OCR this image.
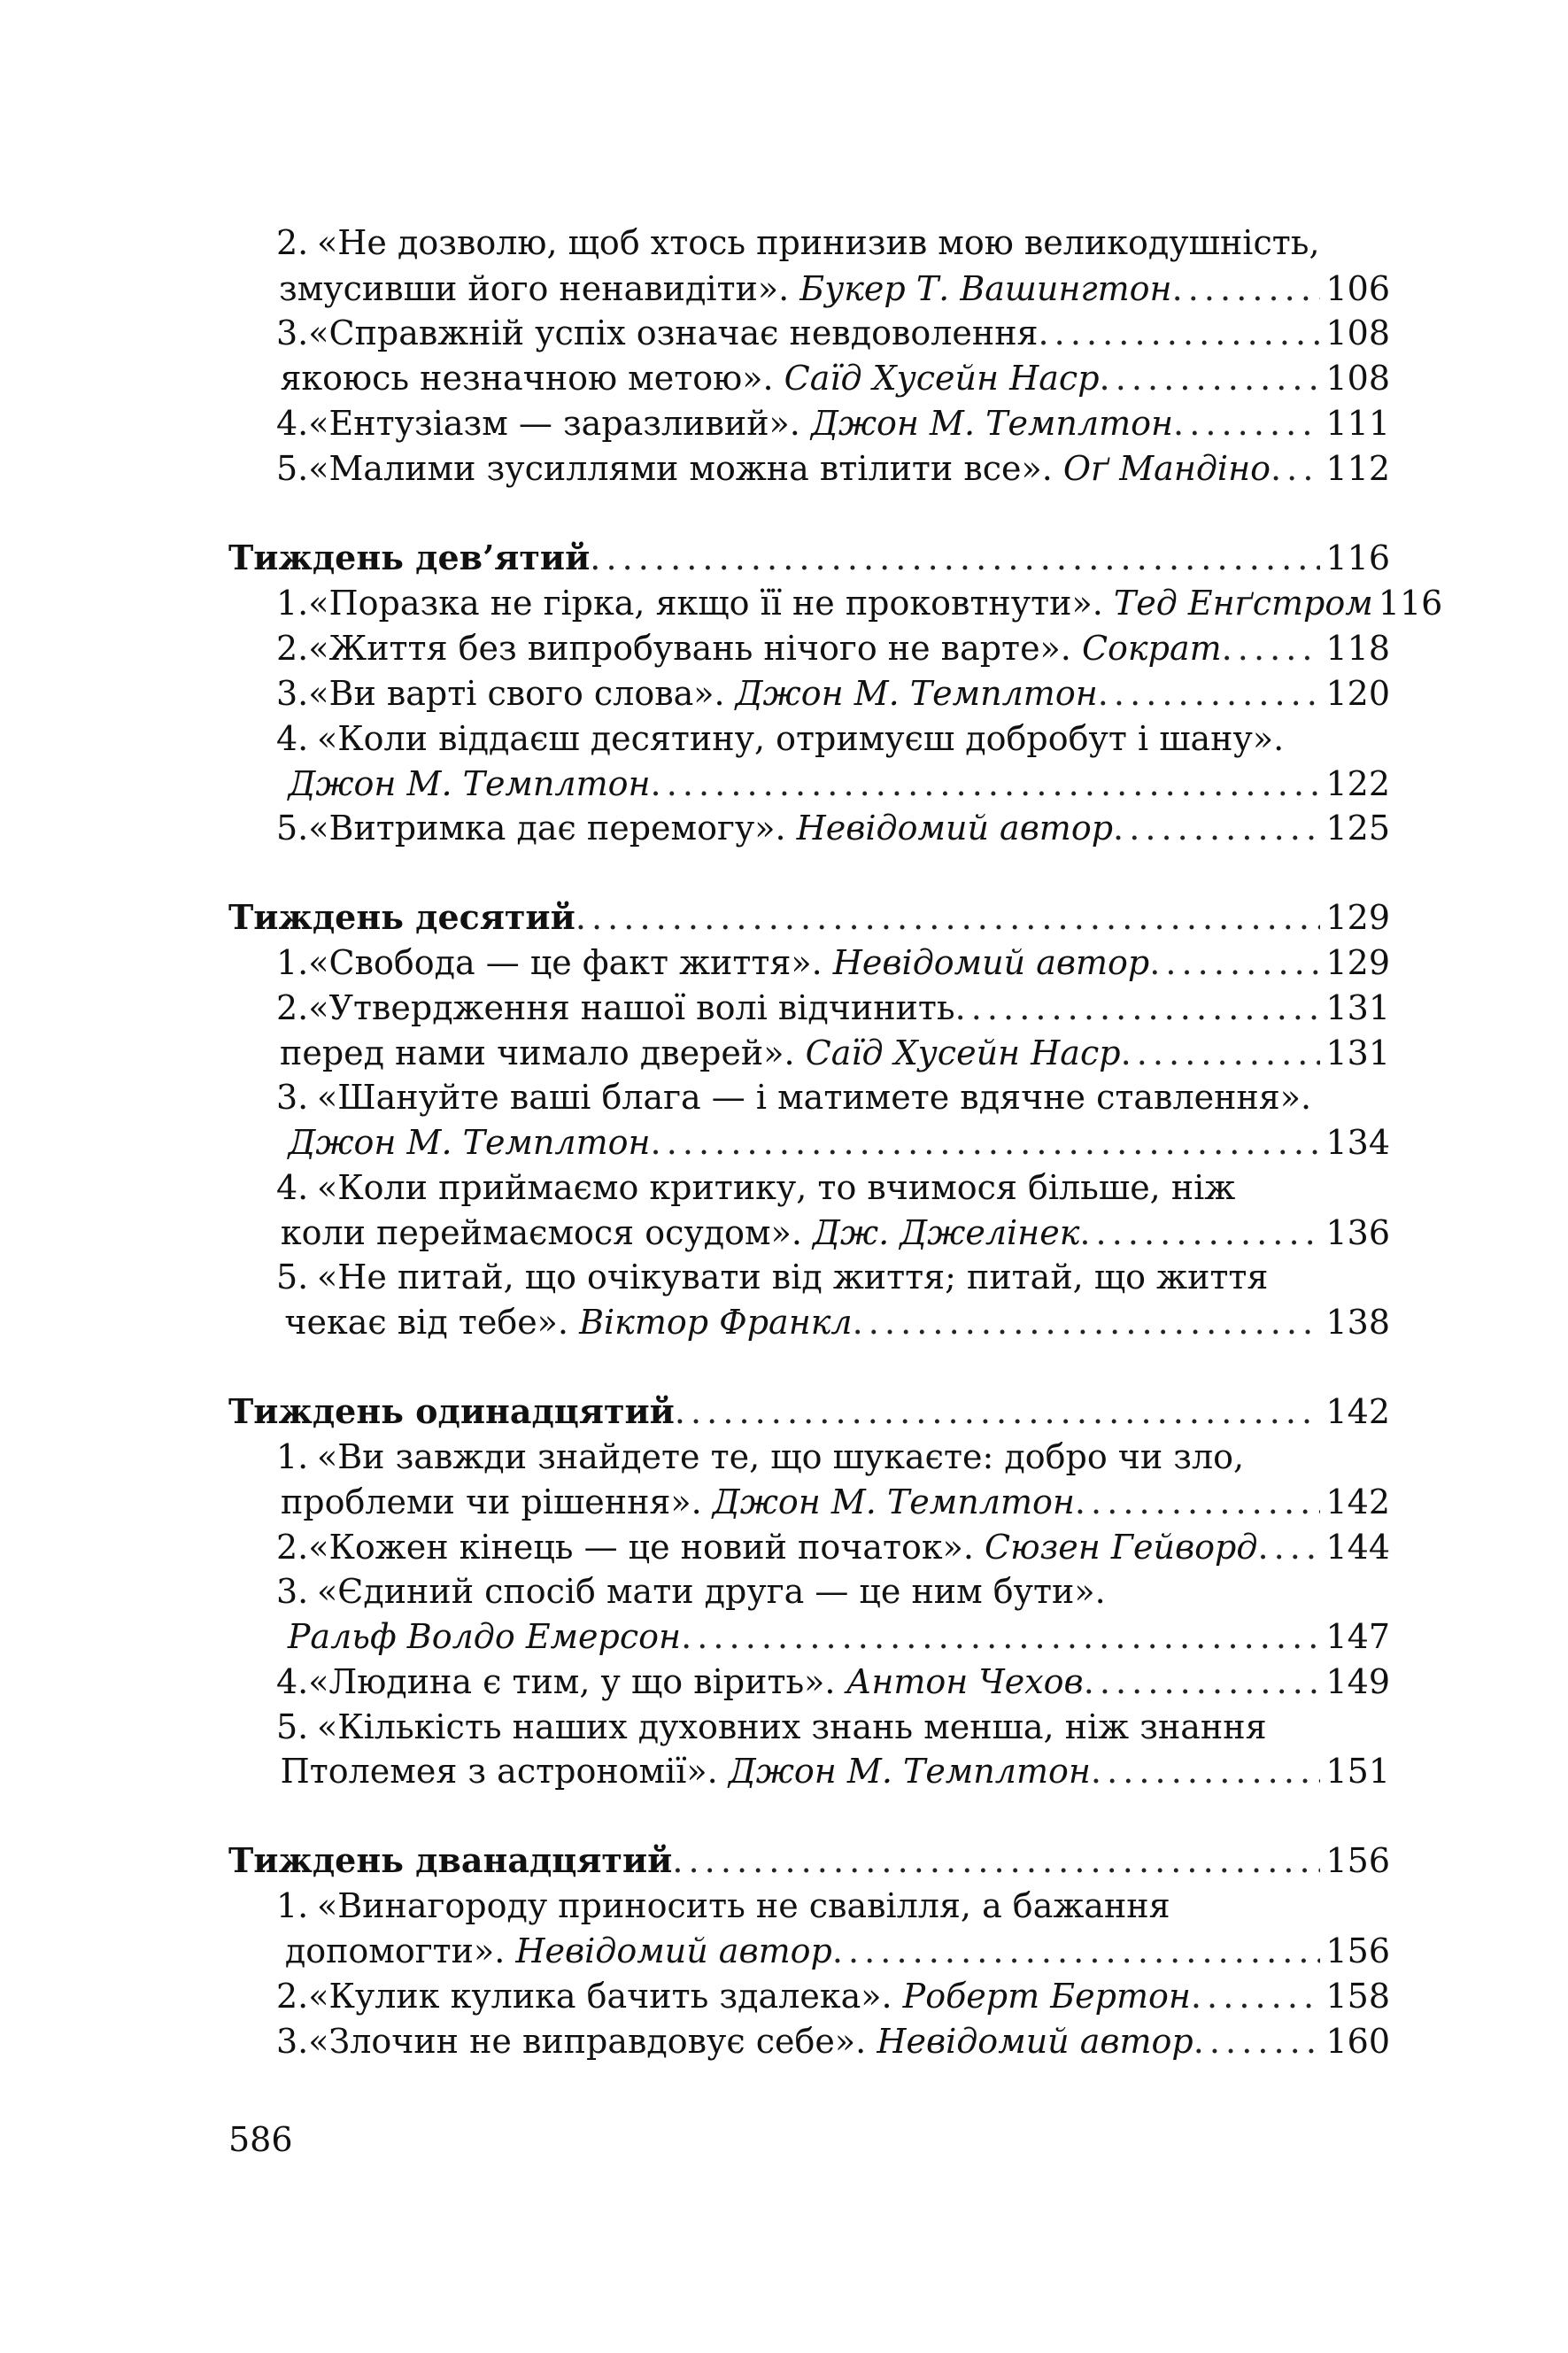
2. «Не дозволю, щоб хтось принизив мою великодушність,
змусивши його ненавидіти». Букер Т. Вашингтон . . .	106
3. «Справжній успіх означає невдоволення . . .	108
якоюсь незначною метою». Саїд Хусейн Наср . . .	108
4. «Ентузіазм — заразливий». Джон М. Темплтон . . .	111
5. «Малими зусиллями можна втілити все». Оґ Мандіно . . . 112
Тиждень дев’ятий . . .	116
1. «Поразка не гірка, якщо її не проковтнути». Тед Енґстром 116
2. «Життя без випробувань нічого не варте». Сократ . . .	118
3. «Ви варті свого слова». Джон М. Темплтон . . .	120
4. «Коли віддаєш десятину, отримуєш добробут і шану».
Джон М. Темплтон . . .	122
5. «Витримка дає перемогу». Невідомий автор . . .	125
Тиждень десятий . . .	129
1. «Свобода — це факт життя». Невідомий автор . . .	129
2. «Утвердження нашої волі відчинить . . .	131
перед нами чимало дверей». Саїд Хусейн Наср . . .	131
3. «Шануйте ваші блага — і матимете вдячне ставлення».
Джон М. Темплтон . . .	134
4. «Коли приймаємо критику, то вчимося більше, ніж
коли переймаємося осудом». Дж. Джелінек . . .	136
5. «Не питай, що очікувати від життя; питай, що життя
чекає від тебе». Віктор Франкл . . .	138
Тиждень одинадцятий . . .	142
1. «Ви завжди знайдете те, що шукаєте: добро чи зло,
проблеми чи рішення». Джон М. Темплтон . . .	142
2. «Кожен кінець — це новий початок». Сюзен Гейворд . . . 144
3. «Єдиний спосіб мати друга — це ним бути».
Ральф Волдо Емерсон . . .	147
4. «Людина є тим, у що вірить». Антон Чехов . . .	149
5. «Кількість наших духовних знань менша, ніж знання
Птолемея з астрономії». Джон М. Темплтон . . .	151
Тиждень дванадцятий . . .	156
1. «Винагороду приносить не свавілля, а бажання
допомогти». Невідомий автор . . .	156
2. «Кулик кулика бачить здалека». Роберт Бертон . . .	158
3. «Злочин не виправдовує себе». Невідомий автор . . .	160
586
